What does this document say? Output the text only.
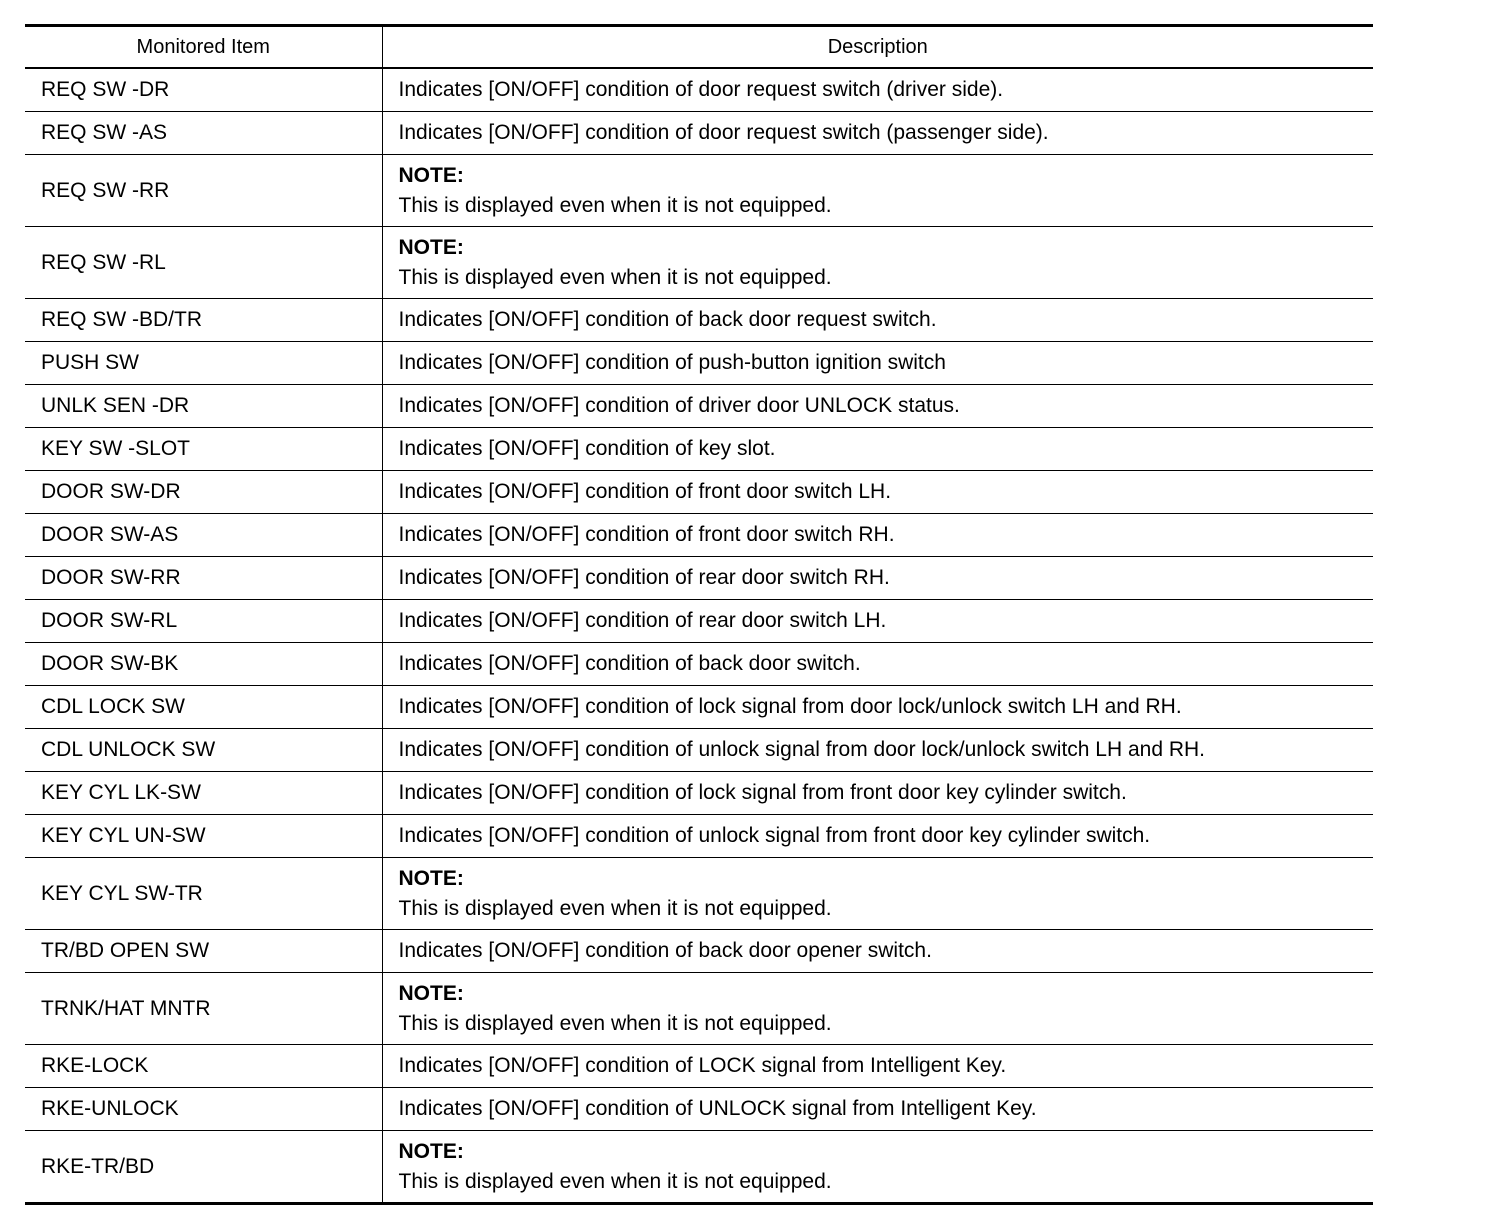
Monitored Item	Description
REQ SW -DR	Indicates [ON/OFF] condition of door request switch (driver side).
REQ SW -AS	Indicates [ON/OFF] condition of door request switch (passenger side).
REQ SW -RR	NOTE:
This is displayed even when it is not equipped.

REQ SW -RL	NOTE:
This is displayed even when it is not equipped.

REQ SW -BD/TR	Indicates [ON/OFF] condition of back door request switch.
PUSH SW	Indicates [ON/OFF] condition of push-button ignition switch
UNLK SEN -DR	Indicates [ON/OFF] condition of driver door UNLOCK status.
KEY SW -SLOT	Indicates [ON/OFF] condition of key slot.
DOOR SW-DR	Indicates [ON/OFF] condition of front door switch LH.
DOOR SW-AS	Indicates [ON/OFF] condition of front door switch RH.
DOOR SW-RR	Indicates [ON/OFF] condition of rear door switch RH.
DOOR SW-RL	Indicates [ON/OFF] condition of rear door switch LH.
DOOR SW-BK	Indicates [ON/OFF] condition of back door switch.
CDL LOCK SW	Indicates [ON/OFF] condition of lock signal from door lock/unlock switch LH and RH.
CDL UNLOCK SW	Indicates [ON/OFF] condition of unlock signal from door lock/unlock switch LH and RH.
KEY CYL LK-SW	Indicates [ON/OFF] condition of lock signal from front door key cylinder switch.
KEY CYL UN-SW	Indicates [ON/OFF] condition of unlock signal from front door key cylinder switch.
KEY CYL SW-TR	NOTE:
This is displayed even when it is not equipped.

TR/BD OPEN SW	Indicates [ON/OFF] condition of back door opener switch.
TRNK/HAT MNTR	NOTE:
This is displayed even when it is not equipped.

RKE-LOCK	Indicates [ON/OFF] condition of LOCK signal from Intelligent Key.
RKE-UNLOCK	Indicates [ON/OFF] condition of UNLOCK signal from Intelligent Key.
RKE-TR/BD	NOTE:
This is displayed even when it is not equipped.
